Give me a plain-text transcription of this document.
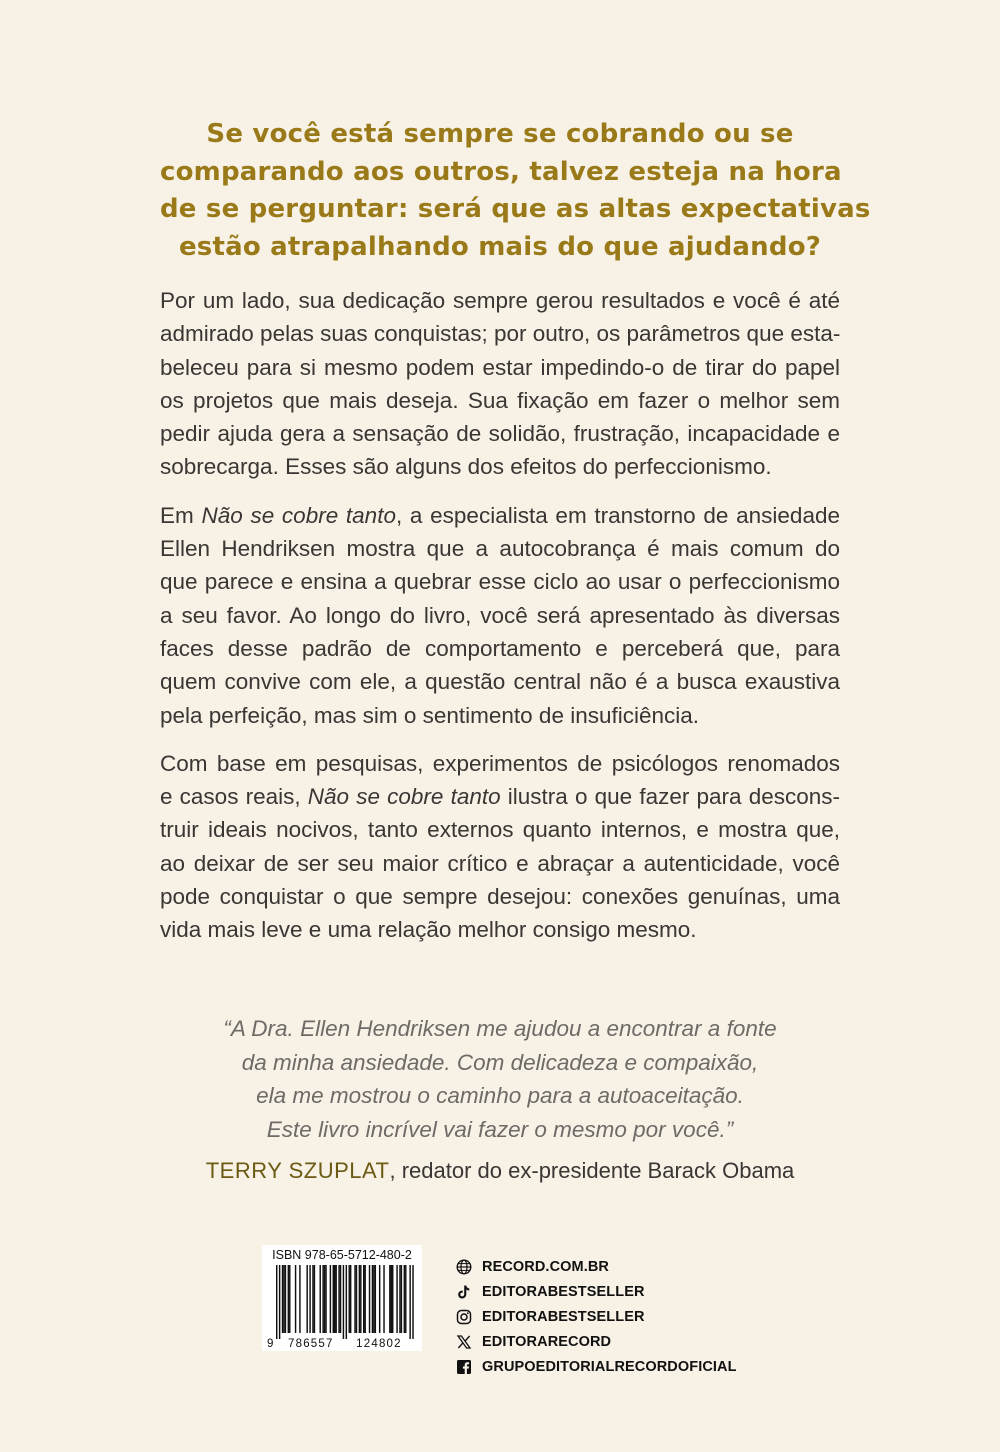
Se você está sempre se cobrando ou se
comparando aos outros, talvez esteja na hora
de se perguntar: será que as altas expectativas
estão atrapalhando mais do que ajudando?
Por um lado, sua dedicação sempre gerou resultados e você é até
admirado pelas suas conquistas; por outro, os parâmetros que esta-
beleceu para si mesmo podem estar impedindo-o de tirar do papel
os projetos que mais deseja. Sua fixação em fazer o melhor sem
pedir ajuda gera a sensação de solidão, frustração, incapacidade e
sobrecarga. Esses são alguns dos efeitos do perfeccionismo.
Em Não se cobre tanto, a especialista em transtorno de ansiedade
Ellen Hendriksen mostra que a autocobrança é mais comum do
que parece e ensina a quebrar esse ciclo ao usar o perfeccionismo
a seu favor. Ao longo do livro, você será apresentado às diversas
faces desse padrão de comportamento e perceberá que, para
quem convive com ele, a questão central não é a busca exaustiva
pela perfeição, mas sim o sentimento de insuficiência.
Com base em pesquisas, experimentos de psicólogos renomados
e casos reais, Não se cobre tanto ilustra o que fazer para descons-
truir ideais nocivos, tanto externos quanto internos, e mostra que,
ao deixar de ser seu maior crítico e abraçar a autenticidade, você
pode conquistar o que sempre desejou: conexões genuínas, uma
vida mais leve e uma relação melhor consigo mesmo.
“A Dra. Ellen Hendriksen me ajudou a encontrar a fonte
da minha ansiedade. Com delicadeza e compaixão,
ela me mostrou o caminho para a autoaceitação.
Este livro incrível vai fazer o mesmo por você.”
TERRY SZUPLAT, redator do ex-presidente Barack Obama
ISBN 978-65-5712-480-2
9 786557 124802
RECORD.COM.BR
EDITORABESTSELLER
EDITORABESTSELLER
EDITORARECORD
GRUPOEDITORIALRECORDOFICIAL
